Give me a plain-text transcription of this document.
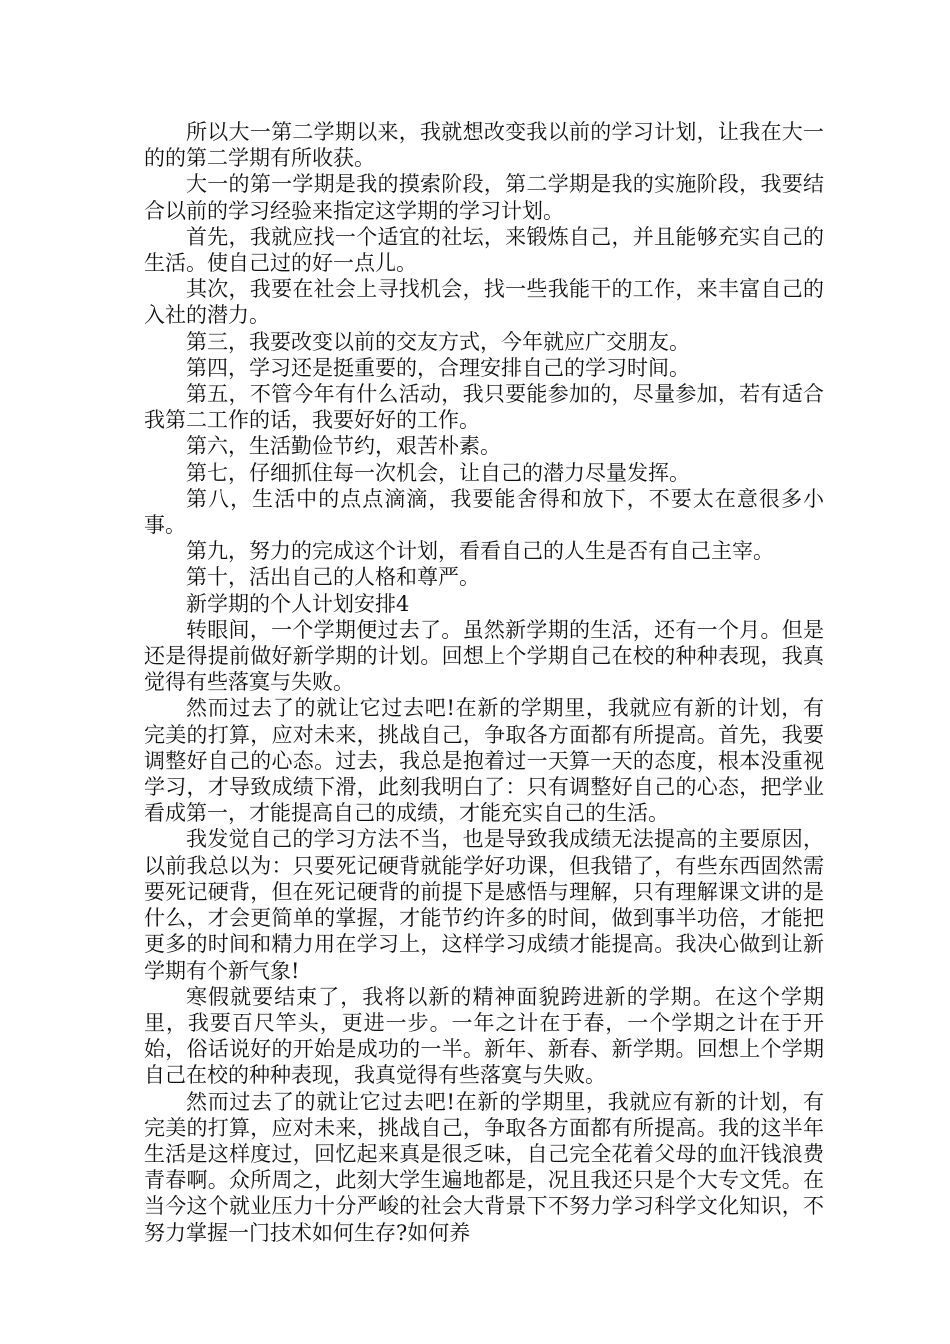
所以大一第二学期以来，我就想改变我以前的学习计划，让我在大一的的第二学期有所收获。

大一的第一学期是我的摸索阶段，第二学期是我的实施阶段，我要结合以前的学习经验来指定这学期的学习计划。

首先，我就应找一个适宜的社坛，来锻炼自己，并且能够充实自己的生活。使自己过的好一点儿。

其次，我要在社会上寻找机会，找一些我能干的工作，来丰富自己的入社的潜力。

第三，我要改变以前的交友方式，今年就应广交朋友。

第四，学习还是挺重要的，合理安排自己的学习时间。

第五，不管今年有什么活动，我只要能参加的，尽量参加，若有适合我第二工作的话，我要好好的工作。

第六，生活勤俭节约，艰苦朴素。

第七，仔细抓住每一次机会，让自己的潜力尽量发挥。

第八，生活中的点点滴滴，我要能舍得和放下，不要太在意很多小事。

第九，努力的完成这个计划，看看自己的人生是否有自己主宰。

第十，活出自己的人格和尊严。

新学期的个人计划安排4

转眼间，一个学期便过去了。虽然新学期的生活，还有一个月。但是还是得提前做好新学期的计划。回想上个学期自己在校的种种表现，我真觉得有些落寞与失败。

然而过去了的就让它过去吧!在新的学期里，我就应有新的计划，有完美的打算，应对未来，挑战自己，争取各方面都有所提高。首先，我要调整好自己的心态。过去，我总是抱着过一天算一天的态度，根本没重视学习，才导致成绩下滑，此刻我明白了：只有调整好自己的心态，把学业看成第一，才能提高自己的成绩，才能充实自己的生活。

我发觉自己的学习方法不当，也是导致我成绩无法提高的主要原因，以前我总以为：只要死记硬背就能学好功课，但我错了，有些东西固然需要死记硬背，但在死记硬背的前提下是感悟与理解，只有理解课文讲的是什么，才会更简单的掌握，才能节约许多的时间，做到事半功倍，才能把更多的时间和精力用在学习上，这样学习成绩才能提高。我决心做到让新学期有个新气象!

寒假就要结束了，我将以新的精神面貌跨进新的学期。在这个学期里，我要百尺竿头，更进一步。一年之计在于春，一个学期之计在于开始，俗话说好的开始是成功的一半。新年、新春、新学期。回想上个学期自己在校的种种表现，我真觉得有些落寞与失败。

然而过去了的就让它过去吧!在新的学期里，我就应有新的计划，有完美的打算，应对未来，挑战自己，争取各方面都有所提高。我的这半年生活是这样度过，回忆起来真是很乏味，自己完全花着父母的血汗钱浪费青春啊。众所周之，此刻大学生遍地都是，况且我还只是个大专文凭。在当今这个就业压力十分严峻的社会大背景下不努力学习科学文化知识，不努力掌握一门技术如何生存?如何养
